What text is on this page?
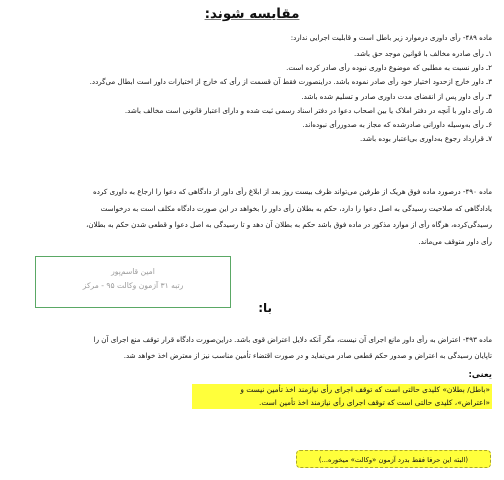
مقایسه شوند:
ماده ۴۸۹- رأی داوری درموارد زیر باطل است و قابلیت اجرایی ندارد:
۱ـ رأی صادره مخالف با قوانین موجد حق باشد.
۲ـ داور نسبت به مطلبی که موضوع داوری نبوده رأی صادر کرده است.
۳ـ داور خارج ازحدود اختیار خود رأی صادر نموده باشد. دراینصورت فقط آن قسمت از رأی که خارج از اختیارات داور است ابطال می‌گردد.
۴ـ رأی داور پس از انقضای مدت داوری صادر و تسلیم شده باشد.
۵ـ رأی داور با آنچه در دفتر املاک یا بین اصحاب دعوا در دفتر اسناد رسمی ثبت شده و دارای اعتبار قانونی است مخالف باشد.
۶ـ رأی به‌وسیله داورانی صادرشده که مجاز به صدوررأی نبوده‌اند.
۷ـ قرارداد رجوع به‌داوری بی‌اعتبار بوده باشد.
ماده ۴۹۰- درصورد ماده فوق هریک از طرفین می‌تواند ظرف بیست روز بعد از ابلاغ رأی داور از دادگاهی که دعوا را ارجاع به داوری کرده
یادادگاهی که صلاحیت رسیدگی به اصل دعوا را دارد، حکم به بطلان رأی داور را بخواهد در این صورت دادگاه مکلف است به درخواست
رسیدگی‌کرده، هرگاه رأی از موارد مذکور در ماده فوق باشد حکم به بطلان آن دهد و تا رسیدگی به اصل دعوا و قطعی شدن حکم به بطلان،
رأی داور متوقف می‌ماند.
امین قاسم‌پور
رتبه ۳۱ آزمون وکالت ۹۵ - مرکز
با:
ماده ۴۹۳- اعتراض به رأی داور مانع اجرای آن نیست، مگر آنکه دلایل اعتراض قوی باشد. دراین‌صورت دادگاه قرار توقف منع اجرای آن را
تاپایان رسیدگی به اعتراض و صدور حکم قطعی صادر می‌نماید و در صورت اقتضاء تأمین مناسب نیز از معترض اخذ خواهد شد.
یعنی:
«باطل/ بطلان» کلیدی حالتی است که توقف اجرای رأی نیازمند اخذ تأمین نیست و
«اعتراض»، کلیدی حالتی است که توقف اجرای رأی نیازمند اخذ تأمین است.
(البته این حرفا فقط بدرد آزمون «وکالت» میخوره...)
